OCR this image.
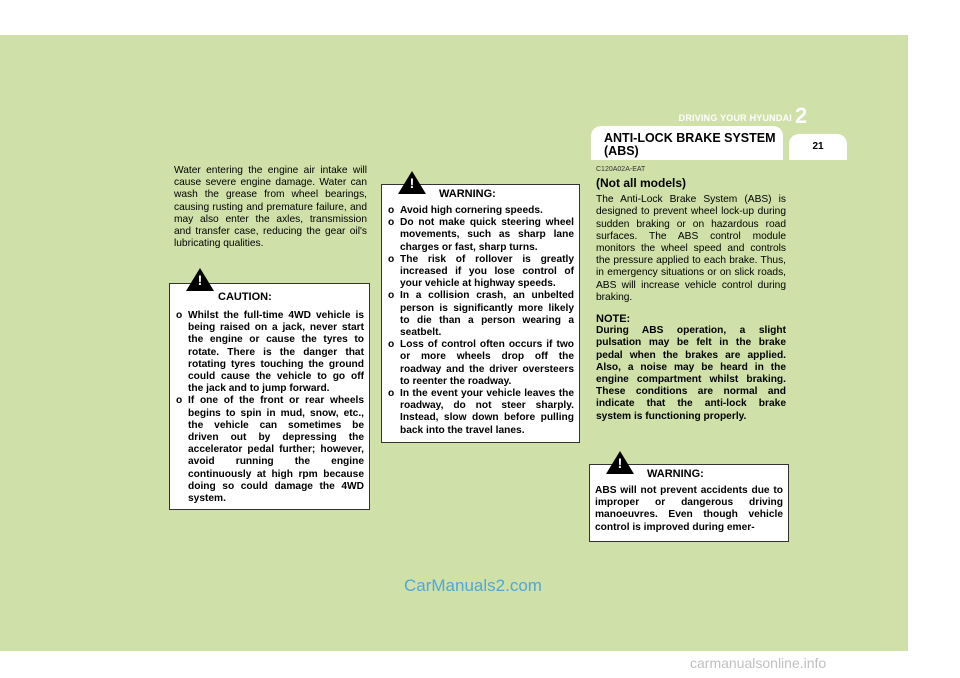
DRIVING YOUR HYUNDAI 2
ANTI-LOCK BRAKE SYSTEM (ABS)	21

Water entering the engine air intake will cause severe engine damage. Water can wash the grease from wheel bearings, causing rusting and premature failure, and may also enter the axles, transmission and transfer case, reducing the gear oil's lubricating qualities.

!
CAUTION:
o Whilst the full-time 4WD vehicle is being raised on a jack, never start the engine or cause the tyres to rotate. There is the danger that rotating tyres touching the ground could cause the vehicle to go off the jack and to jump forward.
o If one of the front or rear wheels begins to spin in mud, snow, etc., the vehicle can sometimes be driven out by depressing the accelerator pedal further; however, avoid running the engine continuously at high rpm because doing so could damage the 4WD system.
!
WARNING:
o Avoid high cornering speeds.
o Do not make quick steering wheel movements, such as sharp lane charges or fast, sharp turns.
o The risk of rollover is greatly increased if you lose control of your vehicle at highway speeds.
o In a collision crash, an unbelted person is significantly more likely to die than a person wearing a seatbelt.
o Loss of control often occurs if two or more wheels drop off the roadway and the driver oversteers to reenter the roadway.
o In the event your vehicle leaves the roadway, do not steer sharply. Instead, slow down before pulling back into the travel lanes.
C120A02A-EAT
(Not all models)

The Anti-Lock Brake System (ABS) is designed to prevent wheel lock-up during sudden braking or on hazardous road surfaces. The ABS control module monitors the wheel speed and controls the pressure applied to each brake. Thus, in emergency situations or on slick roads, ABS will increase vehicle control during braking.

NOTE:

During ABS operation, a slight pulsation may be felt in the brake pedal when the brakes are applied. Also, a noise may be heard in the engine compartment whilst braking. These conditions are normal and indicate that the anti-lock brake system is functioning properly.

!
WARNING:

ABS will not prevent accidents due to improper or dangerous driving manoeuvres. Even though vehicle control is improved during emer-

CarManuals2.com
carmanualsonline.info
